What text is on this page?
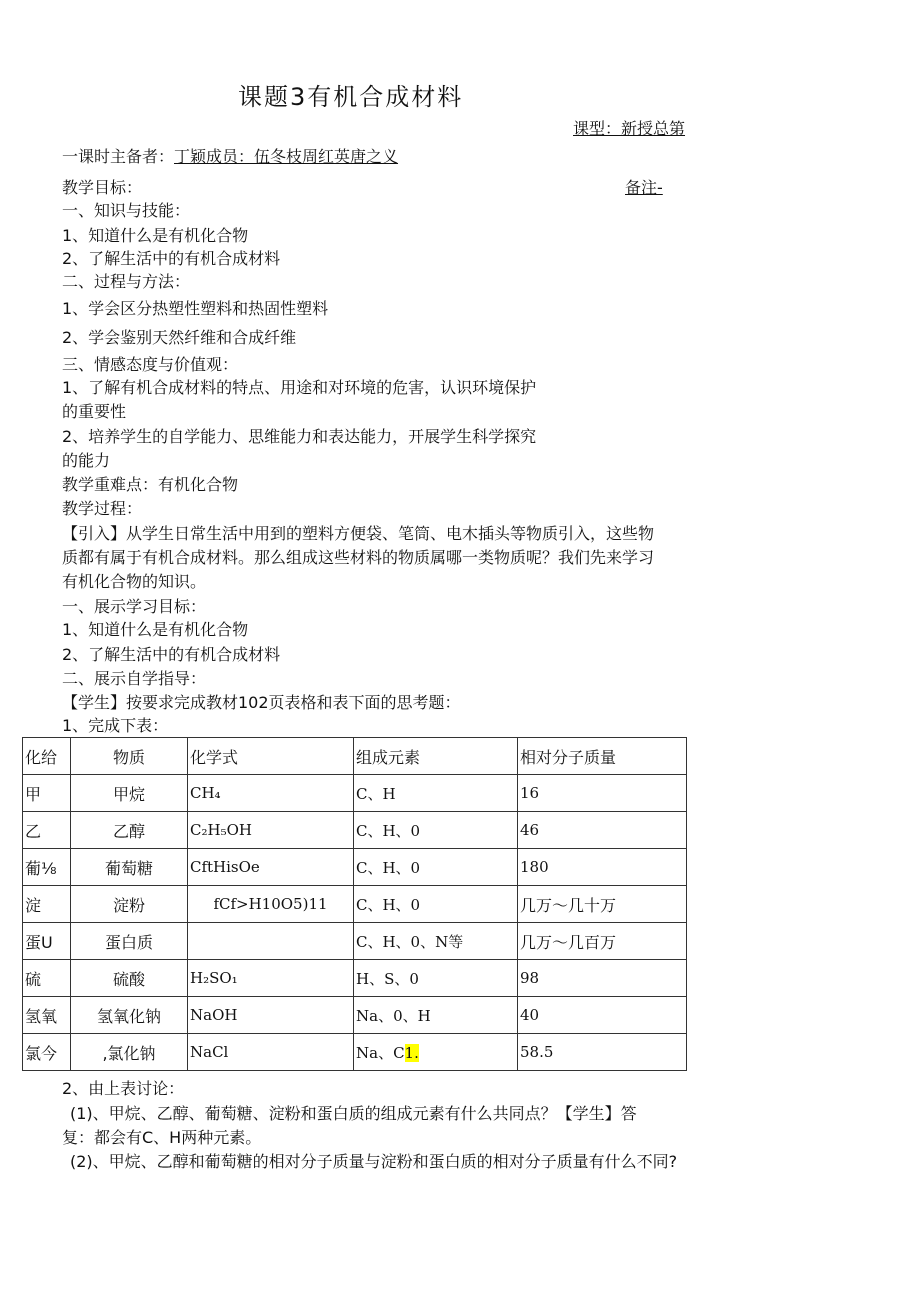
课题3有机合成材料
课型：新授总第
一课时主备者：丁颖成员：伍冬枝周红英唐之义
教学目标：	备注-
一、知识与技能：
1、知道什么是有机化合物
2、了解生活中的有机合成材料
二、过程与方法：
1、学会区分热塑性塑料和热固性塑料
2、学会鉴别天然纤维和合成纤维
三、情感态度与价值观：
1、了解有机合成材料的特点、用途和对环境的危害，认识环境保护
的重要性
2、培养学生的自学能力、思维能力和表达能力，开展学生科学探究
的能力
教学重难点：有机化合物
教学过程：
【引入】从学生日常生活中用到的塑料方便袋、笔筒、电木插头等物质引入，这些物
质都有属于有机合成材料。那么组成这些材料的物质属哪一类物质呢？我们先来学习
有机化合物的知识。
一、展示学习目标：
1、知道什么是有机化合物
2、了解生活中的有机合成材料
二、展示自学指导：
【学生】按要求完成教材102页表格和表下面的思考题：
1、完成下表：
化给	物质	化学式	组成元素	相对分子质量
甲	甲烷	CH₄	C、H	16
乙	乙醇	C₂H₅OH	C、H、0	46
葡⅛	葡萄糖	CftHisOe	C、H、0	180
淀	淀粉	fCf>H10O5)11	C、H、0	几万〜几十万
蛋U	蛋白质		C、H、0、N等	几万〜几百万
硫	硫酸	H₂SO₁	H、S、0	98
氢氧	氢氧化钠	NaOH	Na、0、H	40
氯今	,氯化钠	NaCl	Na、C1.	58.5
2、由上表讨论：
(1)、甲烷、乙醇、葡萄糖、淀粉和蛋白质的组成元素有什么共同点？【学生】答
复：都会有C、H两种元素。
(2)、甲烷、乙醇和葡萄糖的相对分子质量与淀粉和蛋白质的相对分子质量有什么不同?
